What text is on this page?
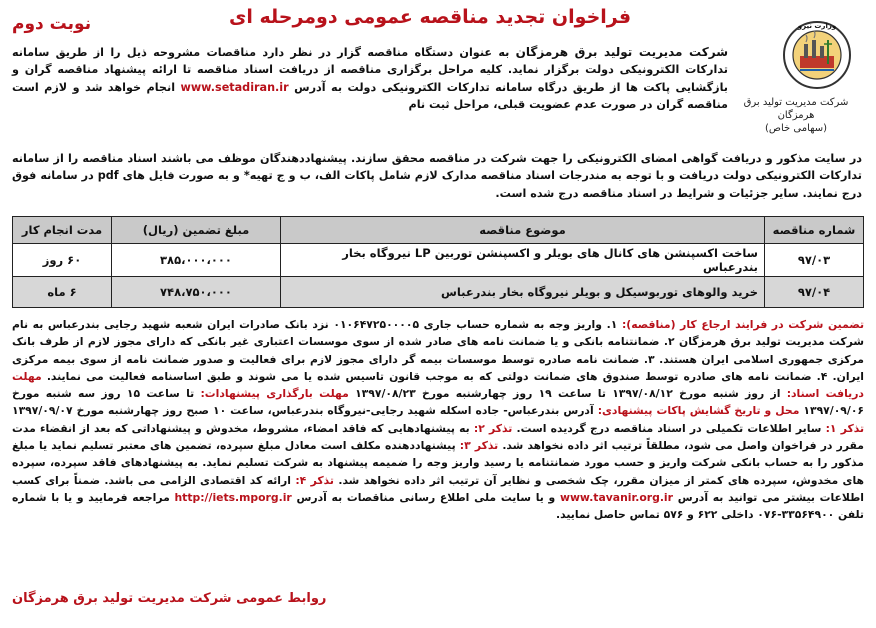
فراخوان تجدید مناقصه عمومی دومرحله ای
نوبت دوم	وزارت نیرو
شرکت مدیریت تولید برق هرمزگان
(سهامی خاص)
شرکت مدیریت تولید برق هرمزگان به عنوان دستگاه مناقصه گزار در نظر دارد مناقصات مشروحه ذیل را از طریق سامانه تدارکات الکترونیکی دولت برگزار نماید. کلیه مراحل برگزاری مناقصه از دریافت اسناد مناقصه تا ارائه پیشنهاد مناقصه گران و بازگشایی پاکت ها از طریق درگاه سامانه تدارکات الکترونیکی دولت به آدرس www.setadiran.ir انجام خواهد شد و لازم است مناقصه گران در صورت عدم عضویت قبلی، مراحل ثبت نام
در سایت مذکور و دریافت گواهی امضای الکترونیکی را جهت شرکت در مناقصه محقق سازند. پیشنهاددهندگان موظف می باشند اسناد مناقصه را از سامانه تدارکات الکترونیکی دولت دریافت و با توجه به مندرجات اسناد مناقصه مدارک لازم شامل پاکات الف، ب و ج تهیه* و به صورت فایل های pdf در سامانه فوق درج نمایند. سایر جزئیات و شرایط در اسناد مناقصه درج شده است.
شماره مناقصه	موضوع مناقصه	مبلغ تضمین (ریال)	مدت انجام کار
۹۷/۰۳	ساخت اکسپنشن های کانال های بویلر و اکسپنشن توربین LP نیروگاه بخار بندرعباس	۳۸۵،۰۰۰،۰۰۰	۶۰ روز
۹۷/۰۴	خرید والوهای توربوسیکل و بویلر نیروگاه بخار بندرعباس	۷۴۸،۷۵۰،۰۰۰	۶ ماه
تضمین شرکت در فرایند ارجاع کار (مناقصه): ۱. واریز وجه به شماره حساب جاری ۰۱۰۶۴۷۲۵۰۰۰۰۵ نزد بانک صادرات ایران شعبه شهید رجایی بندرعباس به نام شرکت مدیریت تولید برق هرمزگان ۲. ضمانتنامه بانکی و یا ضمانت نامه های صادر شده از سوی موسسات اعتباری غیر بانکی که دارای مجوز لازم از طرف بانک مرکزی جمهوری اسلامی ایران هستند. ۳. ضمانت نامه صادره توسط موسسات بیمه گر دارای مجوز لازم برای فعالیت و صدور ضمانت نامه از سوی بیمه مرکزی ایران. ۴. ضمانت نامه های صادره توسط صندوق های ضمانت دولتی که به موجب قانون تاسیس شده یا می شوند و طبق اساسنامه فعالیت می نمایند. مهلت دریافت اسناد: از روز شنبه مورخ ۱۳۹۷/۰۸/۱۲ تا ساعت ۱۹ روز چهارشنبه مورخ ۱۳۹۷/۰۸/۲۳ مهلت بارگذاری پیشنهادات: تا ساعت ۱۵ روز سه شنبه مورخ ۱۳۹۷/۰۹/۰۶ محل و تاریخ گشایش پاکات پیشنهادی: آدرس بندرعباس- جاده اسکله شهید رجایی-نیروگاه بندرعباس، ساعت ۱۰ صبح روز چهارشنبه مورخ ۱۳۹۷/۰۹/۰۷ تذکر ۱: سایر اطلاعات تکمیلی در اسناد مناقصه درج گردیده است. تذکر ۲: به پیشنهادهایی که فاقد امضاء، مشروط، مخدوش و پیشنهاداتی که بعد از انقضاء مدت مقرر در فراخوان واصل می شود، مطلقاً ترتیب اثر داده نخواهد شد. تذکر ۳: پیشنهاددهنده مکلف است معادل مبلغ سپرده، تضمین های معتبر تسلیم نماید یا مبلغ مذکور را به حساب بانکی شرکت واریز و حسب مورد ضمانتنامه یا رسید واریز وجه را ضمیمه پیشنهاد به شرکت تسلیم نماید. به پیشنهادهای فاقد سپرده، سپرده های مخدوش، سپرده های کمتر از میزان مقرر، چک شخصی و نظایر آن ترتیب اثر داده نخواهد شد. تذکر ۴: ارائه کد اقتصادی الزامی می باشد. ضمناً برای کسب اطلاعات بیشتر می توانید به آدرس www.tavanir.org.ir و یا سایت ملی اطلاع رسانی مناقصات به آدرس http://iets.mporg.ir مراجعه فرمایید و یا با شماره تلفن ۳۳۵۶۴۹۰۰-۰۷۶ داخلی ۶۲۲ و ۵۷۶ تماس حاصل نمایید.
روابط عمومی شرکت مدیریت تولید برق هرمزگان
